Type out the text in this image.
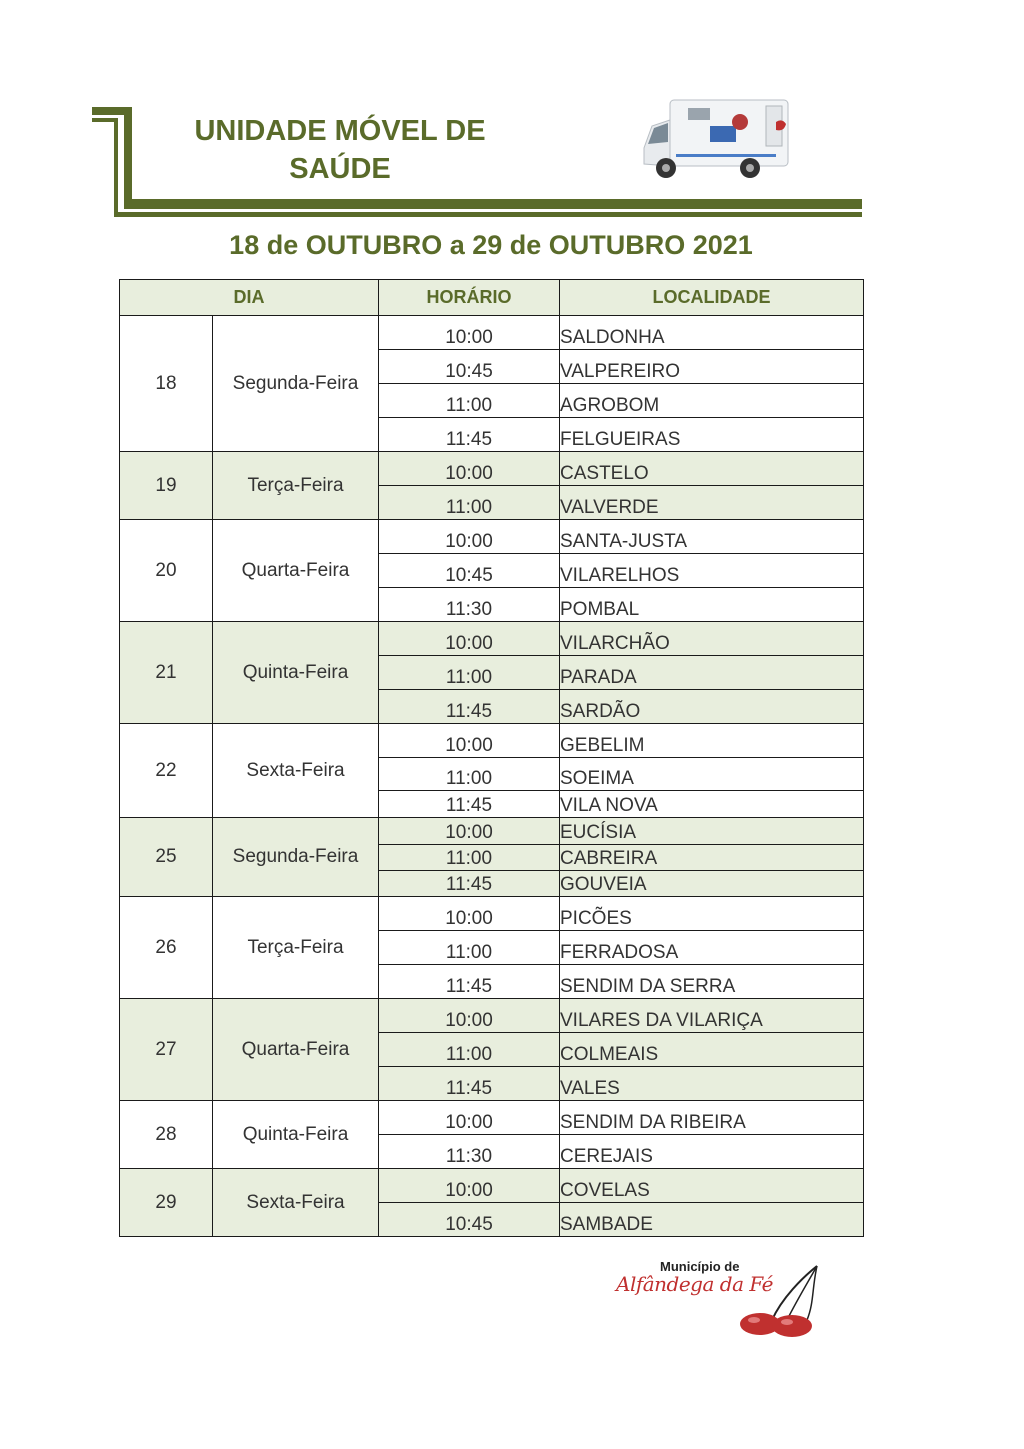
UNIDADE MÓVEL DE
SAÚDE
18 de OUTUBRO a 29 de OUTUBRO 2021
DIA		HORÁRIO	LOCALIDADE
18	Segunda-Feira	10:00	SALDONHA
		10:45	VALPEREIRO
		11:00	AGROBOM
		11:45	FELGUEIRAS
19	Terça-Feira	10:00	CASTELO
		11:00	VALVERDE
20	Quarta-Feira	10:00	SANTA-JUSTA
		10:45	VILARELHOS
		11:30	POMBAL
21	Quinta-Feira	10:00	VILARCHÃO
		11:00	PARADA
		11:45	SARDÃO
22	Sexta-Feira	10:00	GEBELIM
		11:00	SOEIMA
		11:45	VILA NOVA
25	Segunda-Feira	10:00	EUCÍSIA
		11:00	CABREIRA
		11:45	GOUVEIA
26	Terça-Feira	10:00	PICÕES
		11:00	FERRADOSA
		11:45	SENDIM DA SERRA
27	Quarta-Feira	10:00	VILARES DA VILARIÇA
		11:00	COLMEAIS
		11:45	VALES
28	Quinta-Feira	10:00	SENDIM DA RIBEIRA
		11:30	CEREJAIS
29	Sexta-Feira	10:00	COVELAS
		10:45	SAMBADE
Município de
Alfândega da Fé
